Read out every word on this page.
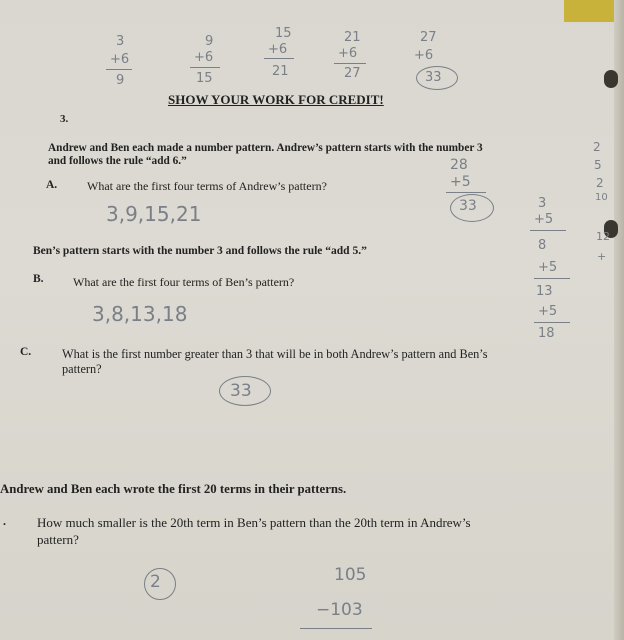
3
+6
9
9
+6
15
15
+6
21
21
+6
27
27
+6
33
SHOW YOUR WORK FOR CREDIT!
3.
Andrew and Ben each made a number pattern. Andrew’s pattern starts with the number 3
and follows the rule “add 6.”
A. What are the first four terms of Andrew’s pattern?
3,9,15,21
28
+5
33
Ben’s pattern starts with the number 3 and follows the rule “add 5.”
B. What are the first four terms of Ben’s pattern?
3,8,13,18
3
+5
8
+5
13
+5
18
C.	What is the first number greater than 3 that will be in both Andrew’s pattern and Ben’s
pattern?
33
Andrew and Ben each wrote the first 20 terms in their patterns.
. How much smaller is the 20th term in Ben’s pattern than the 20th term in Andrew’s
pattern?
2	105
−103
2
5
2
10
12
+
